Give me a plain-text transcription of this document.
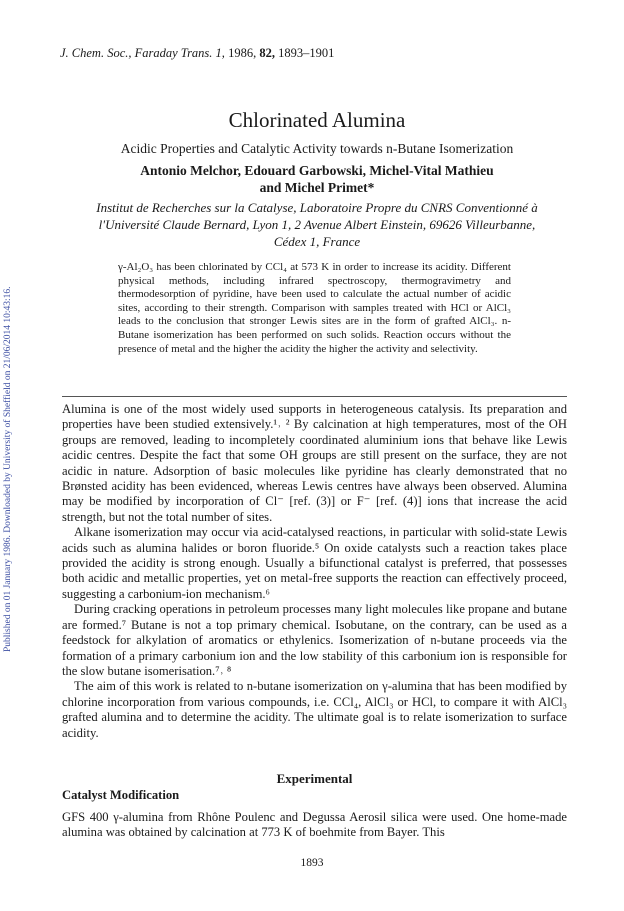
Published on 01 January 1986. Downloaded by University of Sheffield on 21/06/2014 10:43:16.
J. Chem. Soc., Faraday Trans. 1, 1986, 82, 1893–1901
Chlorinated Alumina
Acidic Properties and Catalytic Activity towards n-Butane Isomerization
Antonio Melchor, Edouard Garbowski, Michel-Vital Mathieu
and Michel Primet*
Institut de Recherches sur la Catalyse, Laboratoire Propre du CNRS Conventionné à
l'Université Claude Bernard, Lyon 1, 2 Avenue Albert Einstein, 69626 Villeurbanne,
Cédex 1, France
γ-Al₂O₃ has been chlorinated by CCl₄ at 573 K in order to increase its acidity. Different physical methods, including infrared spectroscopy, thermogravimetry and thermodesorption of pyridine, have been used to calculate the actual number of acidic sites, according to their strength. Comparison with samples treated with HCl or AlCl₃ leads to the conclusion that stronger Lewis sites are in the form of grafted AlCl₃. n-Butane isomerization has been performed on such solids. Reaction occurs without the presence of metal and the higher the acidity the higher the activity and selectivity.

Alumina is one of the most widely used supports in heterogeneous catalysis. Its preparation and properties have been studied extensively.¹˒ ² By calcination at high temperatures, most of the OH groups are removed, leading to incompletely coordinated aluminium ions that behave like Lewis acidic centres. Despite the fact that some OH groups are still present on the surface, they are not acidic in nature. Adsorption of basic molecules like pyridine has clearly demonstrated that no Brønsted acidity has been evidenced, whereas Lewis centres have always been observed. Alumina may be modified by incorporation of Cl⁻ [ref. (3)] or F⁻ [ref. (4)] ions that increase the acid strength, but not the total number of sites.

Alkane isomerization may occur via acid-catalysed reactions, in particular with solid-state Lewis acids such as alumina halides or boron fluoride.⁵ On oxide catalysts such a reaction takes place provided the acidity is strong enough. Usually a bifunctional catalyst is preferred, that possesses both acidic and metallic properties, yet on metal-free supports the reaction can effectively proceed, suggesting a carbonium-ion mechanism.⁶

During cracking operations in petroleum processes many light molecules like propane and butane are formed.⁷ Butane is not a top primary chemical. Isobutane, on the contrary, can be used as a feedstock for alkylation of aromatics or ethylenics. Isomerization of n-butane proceeds via the formation of a primary carbonium ion and the low stability of this carbonium ion is responsible for the slow butane isomerisation.⁷˒ ⁸

The aim of this work is related to n-butane isomerization on γ-alumina that has been modified by chlorine incorporation from various compounds, i.e. CCl₄, AlCl₃ or HCl, to compare it with AlCl₃ grafted alumina and to determine the acidity. The ultimate goal is to relate isomerization to surface acidity.

Experimental
Catalyst Modification

GFS 400 γ-alumina from Rhône Poulenc and Degussa Aerosil silica were used. One home-made alumina was obtained by calcination at 773 K of boehmite from Bayer. This

1893
